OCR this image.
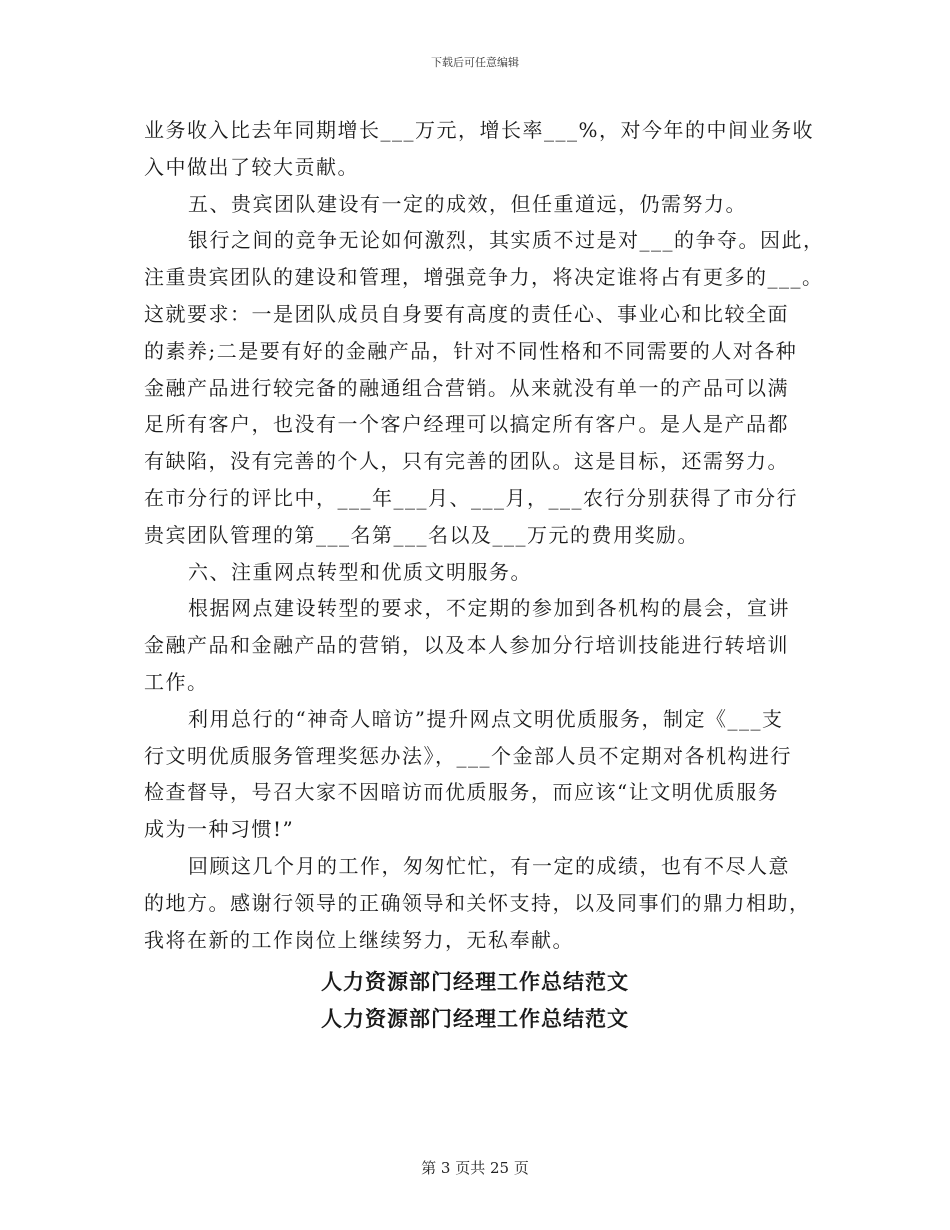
下载后可任意编辑
业务收入比去年同期增长___万元，增长率___%，对今年的中间业务收
入中做出了较大贡献。
五、贵宾团队建设有一定的成效，但任重道远，仍需努力。
银行之间的竞争无论如何激烈，其实质不过是对___的争夺。因此，
注重贵宾团队的建设和管理，增强竞争力，将决定谁将占有更多的___。
这就要求：一是团队成员自身要有高度的责任心、事业心和比较全面
的素养;二是要有好的金融产品，针对不同性格和不同需要的人对各种
金融产品进行较完备的融通组合营销。从来就没有单一的产品可以满
足所有客户，也没有一个客户经理可以搞定所有客户。是人是产品都
有缺陷，没有完善的个人，只有完善的团队。这是目标，还需努力。
在市分行的评比中，___年___月、___月，___农行分别获得了市分行
贵宾团队管理的第___名第___名以及___万元的费用奖励。
六、注重网点转型和优质文明服务。
根据网点建设转型的要求，不定期的参加到各机构的晨会，宣讲
金融产品和金融产品的营销，以及本人参加分行培训技能进行转培训
工作。
利用总行的“神奇人暗访”提升网点文明优质服务，制定《___支
行文明优质服务管理奖惩办法》，___个金部人员不定期对各机构进行
检查督导，号召大家不因暗访而优质服务，而应该“让文明优质服务
成为一种习惯!”
回顾这几个月的工作，匆匆忙忙，有一定的成绩，也有不尽人意
的地方。感谢行领导的正确领导和关怀支持，以及同事们的鼎力相助，
我将在新的工作岗位上继续努力，无私奉献。
人力资源部门经理工作总结范文
人力资源部门经理工作总结范文
第 3 页共 25 页
